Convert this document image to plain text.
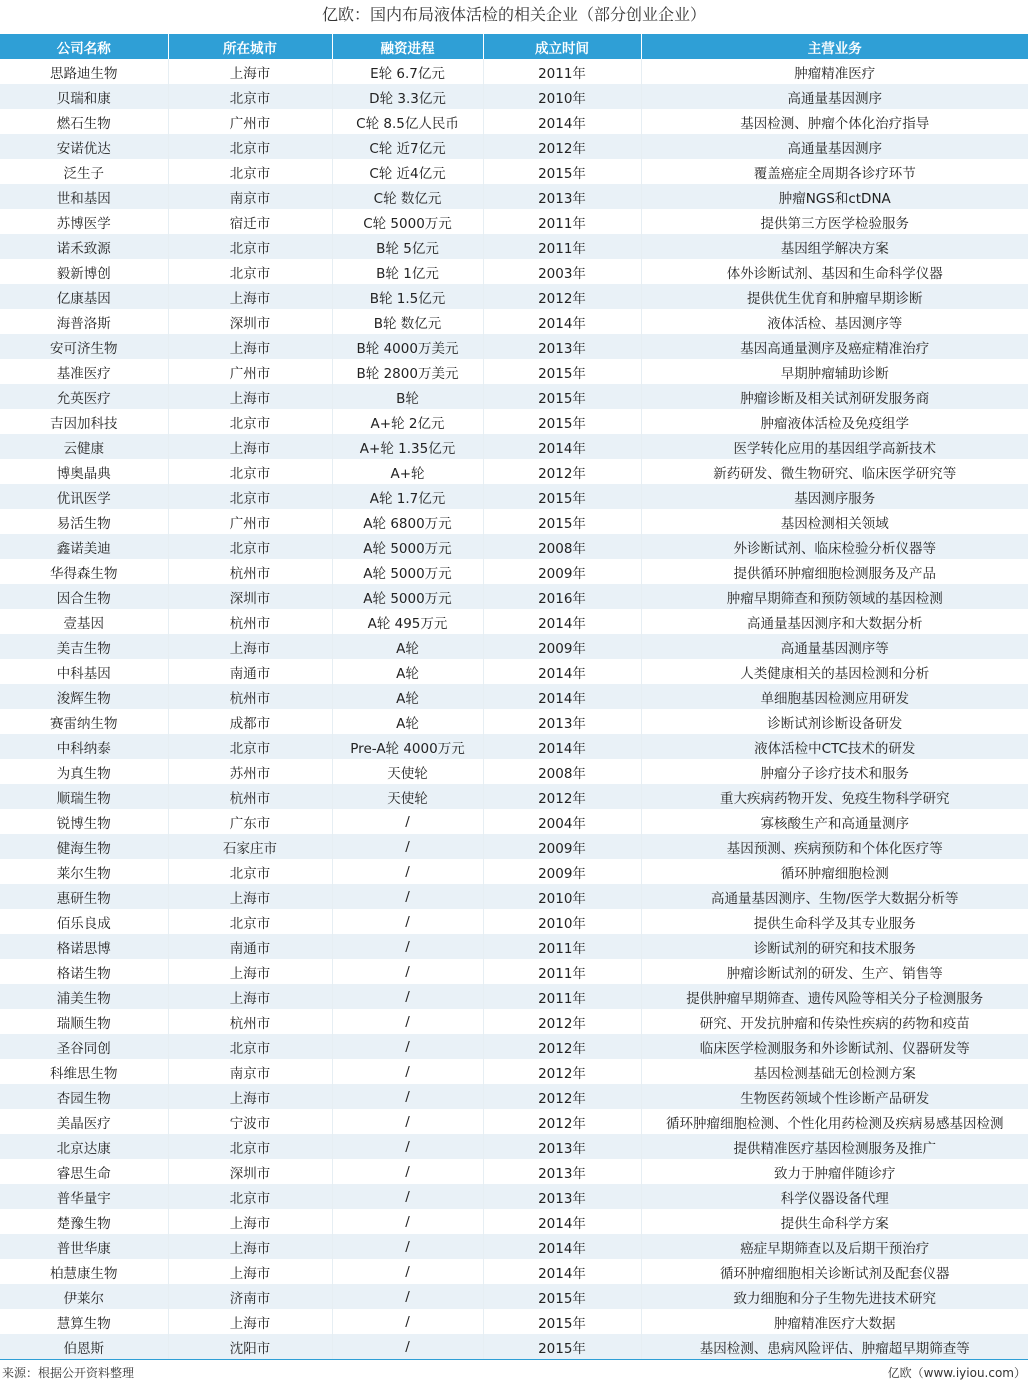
亿欧：国内布局液体活检的相关企业（部分创业企业）
公司名称	所在城市	融资进程	成立时间	主营业务
思路迪生物	上海市	E轮 6.7亿元	2011年	肿瘤精准医疗
贝瑞和康	北京市	D轮 3.3亿元	2010年	高通量基因测序
燃石生物	广州市	C轮 8.5亿人民币	2014年	基因检测、肿瘤个体化治疗指导
安诺优达	北京市	C轮 近7亿元	2012年	高通量基因测序
泛生子	北京市	C轮 近4亿元	2015年	覆盖癌症全周期各诊疗环节
世和基因	南京市	C轮 数亿元	2013年	肿瘤NGS和ctDNA
苏博医学	宿迁市	C轮 5000万元	2011年	提供第三方医学检验服务
诺禾致源	北京市	B轮 5亿元	2011年	基因组学解决方案
毅新博创	北京市	B轮 1亿元	2003年	体外诊断试剂、基因和生命科学仪器
亿康基因	上海市	B轮 1.5亿元	2012年	提供优生优育和肿瘤早期诊断
海普洛斯	深圳市	B轮 数亿元	2014年	液体活检、基因测序等
安可济生物	上海市	B轮 4000万美元	2013年	基因高通量测序及癌症精准治疗
基准医疗	广州市	B轮 2800万美元	2015年	早期肿瘤辅助诊断
允英医疗	上海市	B轮	2015年	肿瘤诊断及相关试剂研发服务商
吉因加科技	北京市	A+轮 2亿元	2015年	肿瘤液体活检及免疫组学
云健康	上海市	A+轮 1.35亿元	2014年	医学转化应用的基因组学高新技术
博奥晶典	北京市	A+轮	2012年	新药研发、微生物研究、临床医学研究等
优讯医学	北京市	A轮 1.7亿元	2015年	基因测序服务
易活生物	广州市	A轮 6800万元	2015年	基因检测相关领域
鑫诺美迪	北京市	A轮 5000万元	2008年	外诊断试剂、临床检验分析仪器等
华得森生物	杭州市	A轮 5000万元	2009年	提供循环肿瘤细胞检测服务及产品
因合生物	深圳市	A轮 5000万元	2016年	肿瘤早期筛查和预防领域的基因检测
壹基因	杭州市	A轮 495万元	2014年	高通量基因测序和大数据分析
美吉生物	上海市	A轮	2009年	高通量基因测序等
中科基因	南通市	A轮	2014年	人类健康相关的基因检测和分析
浚辉生物	杭州市	A轮	2014年	单细胞基因检测应用研发
赛雷纳生物	成都市	A轮	2013年	诊断试剂诊断设备研发
中科纳泰	北京市	Pre-A轮 4000万元	2014年	液体活检中CTC技术的研发
为真生物	苏州市	天使轮	2008年	肿瘤分子诊疗技术和服务
顺瑞生物	杭州市	天使轮	2012年	重大疾病药物开发、免疫生物科学研究
锐博生物	广东市	/	2004年	寡核酸生产和高通量测序
健海生物	石家庄市	/	2009年	基因预测、疾病预防和个体化医疗等
莱尔生物	北京市	/	2009年	循环肿瘤细胞检测
惠研生物	上海市	/	2010年	高通量基因测序、生物/医学大数据分析等
佰乐良成	北京市	/	2010年	提供生命科学及其专业服务
格诺思博	南通市	/	2011年	诊断试剂的研究和技术服务
格诺生物	上海市	/	2011年	肿瘤诊断试剂的研发、生产、销售等
浦美生物	上海市	/	2011年	提供肿瘤早期筛查、遗传风险等相关分子检测服务
瑞顺生物	杭州市	/	2012年	研究、开发抗肿瘤和传染性疾病的药物和疫苗
圣谷同创	北京市	/	2012年	临床医学检测服务和外诊断试剂、仪器研发等
科维思生物	南京市	/	2012年	基因检测基础无创检测方案
杏园生物	上海市	/	2012年	生物医药领域个性诊断产品研发
美晶医疗	宁波市	/	2012年	循环肿瘤细胞检测、个性化用药检测及疾病易感基因检测
北京达康	北京市	/	2013年	提供精准医疗基因检测服务及推广
睿思生命	深圳市	/	2013年	致力于肿瘤伴随诊疗
普华量宇	北京市	/	2013年	科学仪器设备代理
楚豫生物	上海市	/	2014年	提供生命科学方案
普世华康	上海市	/	2014年	癌症早期筛查以及后期干预治疗
柏慧康生物	上海市	/	2014年	循环肿瘤细胞相关诊断试剂及配套仪器
伊莱尔	济南市	/	2015年	致力细胞和分子生物先进技术研究
慧算生物	上海市	/	2015年	肿瘤精准医疗大数据
伯恩斯	沈阳市	/	2015年	基因检测、患病风险评估、肿瘤超早期筛查等
来源：根据公开资料整理	亿欧（www.iyiou.com）
